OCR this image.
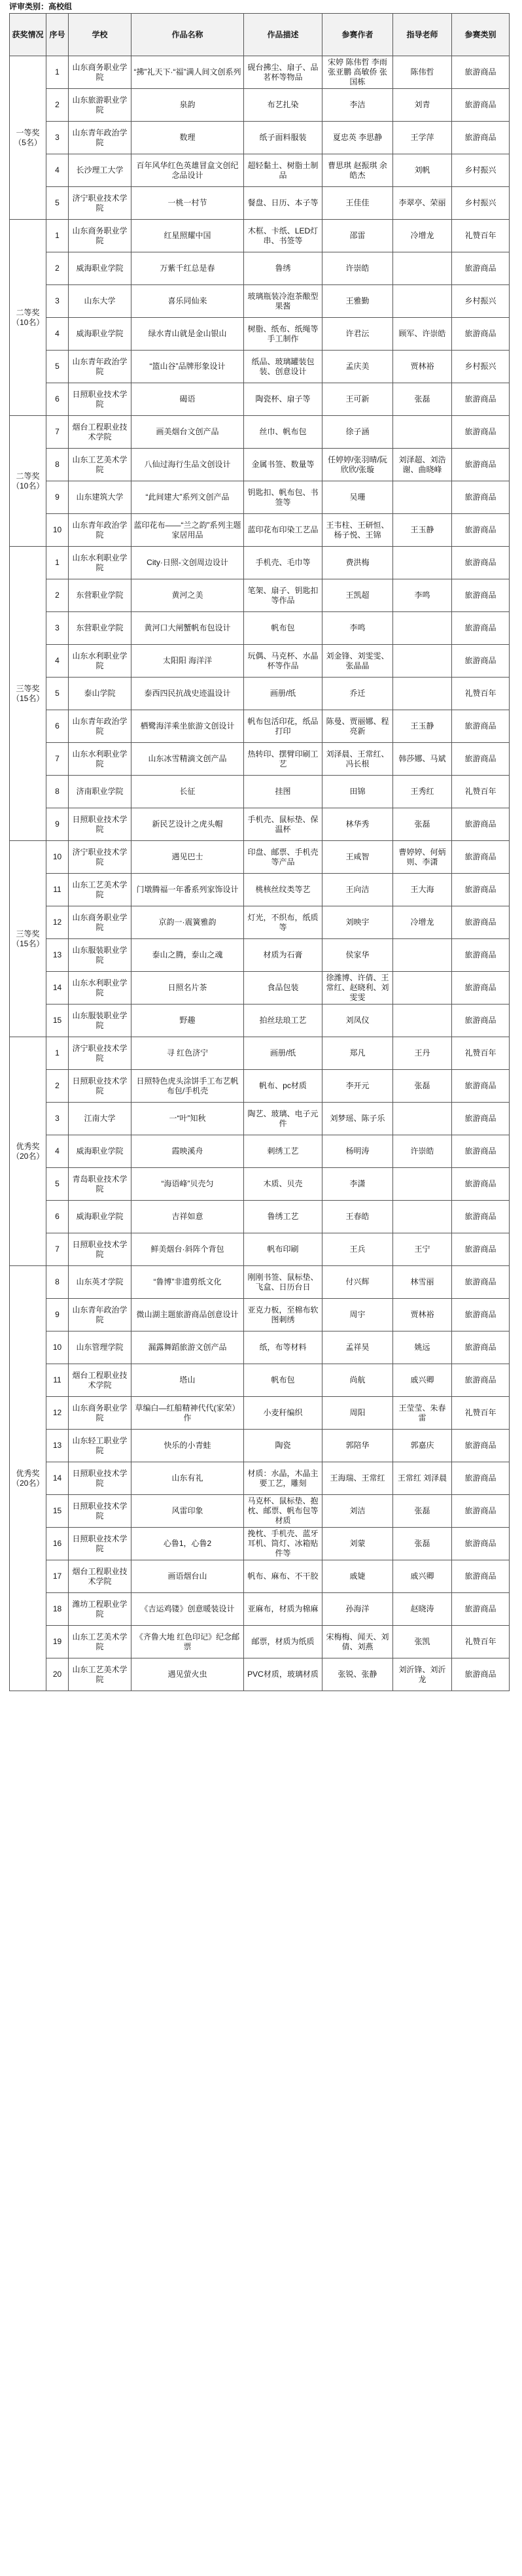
评审类别：高校组
获奖情况	序号	学校	作品名称	作品描述	参赛作者	指导老师	参赛类别
一等奖
（5名）	1	山东商务职业学院	“拂”礼天下·“福”满人间文创系列	砚台拂尘、扇子、品茗杯等物品	宋婷 陈伟哲 李雨 张亚鹏 高敏侨 张国栋	陈伟哲	旅游商品
	2	山东旅游职业学院	泉韵	布艺扎染	李洁	刘青	旅游商品
	3	山东青年政治学院	数理	纸子面料服装	夏忠英 李思静	王学萍	旅游商品
	4	长沙理工大学	百年风华红色英雄冒盒文创纪念品设计	超轻黏土、树脂土制品	曹思琪 赵振琪 余皓杰	刘帆	乡村振兴
	5	济宁职业技术学院	一桃一村节	餐盘、日历、本子等	王佳佳	李翠亭、荣丽	乡村振兴
二等奖
（10名）	1	山东商务职业学院	红星照耀中国	木框、卡纸、LED灯串、书签等	邵雷	冷增龙	礼赞百年
	2	威海职业学院	万紫千红总是春	鲁绣	许崇皓		旅游商品
	3	山东大学	喜乐同仙来	玻璃瓶装冷泡茶酿型果酱	王雅勤		乡村振兴
	4	威海职业学院	绿水青山就是金山银山	树脂、纸布、纸绳等手工制作	许君沄	顾军、许崇皓	旅游商品
	5	山东青年政治学院	“篮山谷”品牌形象设计	纸品、玻璃罐装包装、创意设计	孟庆美	贾林裕	乡村振兴
	6	日照职业技术学院	碣语	陶瓷杯、扇子等	王可新	张磊	旅游商品
二等奖
（10名）	7	烟台工程职业技术学院	画美烟台文创产品	丝巾、帆布包	徐子涵		旅游商品
	8	山东工艺美术学院	八仙过海行生品文创设计	金属书签、数量等	任婷婷/张羽晴/阮欣欣/张璇	刘泽超、刘浩谢、曲晓峰	旅游商品
	9	山东建筑大学	“此间建大”系列文创产品	钥匙扣、帆布包、书签等	吴珊		旅游商品
	10	山东青年政治学院	蓝印花布——“兰之韵”系列主题家居用品	蓝印花布印染工艺品	王韦柱、王研恒、杨子悦、王锦	王玉静	旅游商品
三等奖
（15名）	1	山东水利职业学院	City·日照-文创周边设计	手机壳、毛巾等	费洪梅		旅游商品
	2	东营职业学院	黄河之美	笔架、扇子、钥匙扣等作品	王凯超	李鸣	旅游商品
	3	东营职业学院	黄河口大闸蟹帆布包设计	帆布包	李鸣		旅游商品
	4	山东水利职业学院	太阳阳 海洋洋	玩偶、马克杯、水晶杯等作品	刘金锋、刘雯雯、张晶晶		旅游商品
	5	泰山学院	泰西四民抗战史迹温设计	画册/纸	乔迁		礼赞百年
	6	山东青年政治学院	栖鹭海洋乘坐旅游文创设计	帆布包活印花，纸品打印	陈曼、贾丽娜、程亮新	王玉静	旅游商品
	7	山东水利职业学院	山东冰雪精滴文创产品	热转印、摆臂印刷工艺	刘泽晨、王常红、冯长根	韩莎娜、马斌	旅游商品
	8	济南职业学院	长征	挂图	田锦	王秀红	礼赞百年
	9	日照职业技术学院	新民艺设计之虎头帽	手机壳、鼠标垫、保温杯	林华秀	张磊	旅游商品
三等奖
（15名）	10	济宁职业技术学院	遇见巴士	印盘、邮票、手机壳等产品	王咸智	曹婷婷、何炳则、李潇	旅游商品
	11	山东工艺美术学院	门墩腾福一年番系列家饰设计	桃核丝纹类等艺	王向洁	王大海	旅游商品
	12	山东商务职业学院	京韵一·震簧雅韵	灯光，不织布，纸质等	刘映宇	冷增龙	旅游商品
	13	山东服装职业学院	泰山之腾，泰山之魂	材质为石膏	侯家华		旅游商品
	14	山东水利职业学院	日照名片茶	食品包装	徐潍博、许倩、王常红、赵晓利、刘雯雯		旅游商品
	15	山东服装职业学院	野趣	拍丝珐琅工艺	刘凤仪		旅游商品
优秀奖
（20名）	1	济宁职业技术学院	寻 红色济宁	画册/纸	郑凡	王丹	礼赞百年
	2	日照职业技术学院	日照特色虎头涂饼手工布艺帆布包/手机壳	帆布、pc材质	李开元	张磊	旅游商品
	3	江南大学	一“叶”知秋	陶艺、玻璃、电子元件	刘梦瑶、陈子乐		旅游商品
	4	威海职业学院	霞映溪舟	刺绣工艺	杨明涛	许崇皓	旅游商品
	5	青岛职业技术学院	“海语峰”贝壳匀	木质、贝壳	李潇		旅游商品
	6	威海职业学院	吉祥如意	鲁绣工艺	王春皓		旅游商品
	7	日照职业技术学院	鲜美烟台·斜阵个背包	帆布印刷	王兵	王宁	旅游商品
优秀奖
（20名）	8	山东英才学院	“鲁博”非遗剪纸文化	刚刚书签、鼠标垫、飞盒、日历台日	付兴辉	林雪丽	旅游商品
	9	山东青年政治学院	微山湖主题旅游商品创意设计	亚克力板，至棉布软图刺绣	周宇	贾林裕	旅游商品
	10	山东管理学院	漏露舞蹈旅游文创产品	纸，布等材料	孟祥昊	姚远	旅游商品
	11	烟台工程职业技术学院	塔山	帆布包	尚航	戚兴卿	旅游商品
	12	山东商务职业学院	草编白—红船精神代代(家荣）作	小麦秆编织	周阳	王莹莹、朱春雷	礼赞百年
	13	山东轻工职业学院	快乐的小青蛙	陶瓷	郭陪华	郭嘉庆	旅游商品
	14	日照职业技术学院	山东有礼	材质：水晶，木晶主要工艺，雕刻	王海瑞、王常红	王常红 刘泽晨	旅游商品
	15	日照职业技术学院	风雷印象	马克杯、鼠标垫、抱枕、邮票、帆布包等材质	刘洁	张磊	旅游商品
	16	日照职业技术学院	心鲁1，心鲁2	挽枕、手机壳、蓝牙耳机、筒灯、冰箱贴件等	刘蒙	张磊	旅游商品
	17	烟台工程职业技术学院	画语烟台山	帆布、麻布、不干胶	戚婕	戚兴卿	旅游商品
	18	潍坊工程职业学院	《吉运鸡镂》创意暖装设计	亚麻布，材质为棉麻	孙海洋	赵晓涛	旅游商品
	19	山东工艺美术学院	《齐鲁大地 红色印记》纪念邮票	邮票，材质为纸质	宋梅梅、闻天、刘倩、刘燕	张凯	礼赞百年
	20	山东工艺美术学院	遇见萤火虫	PVC材质，玻璃材质	张锐、张静	刘沂锋、刘沂龙	旅游商品
